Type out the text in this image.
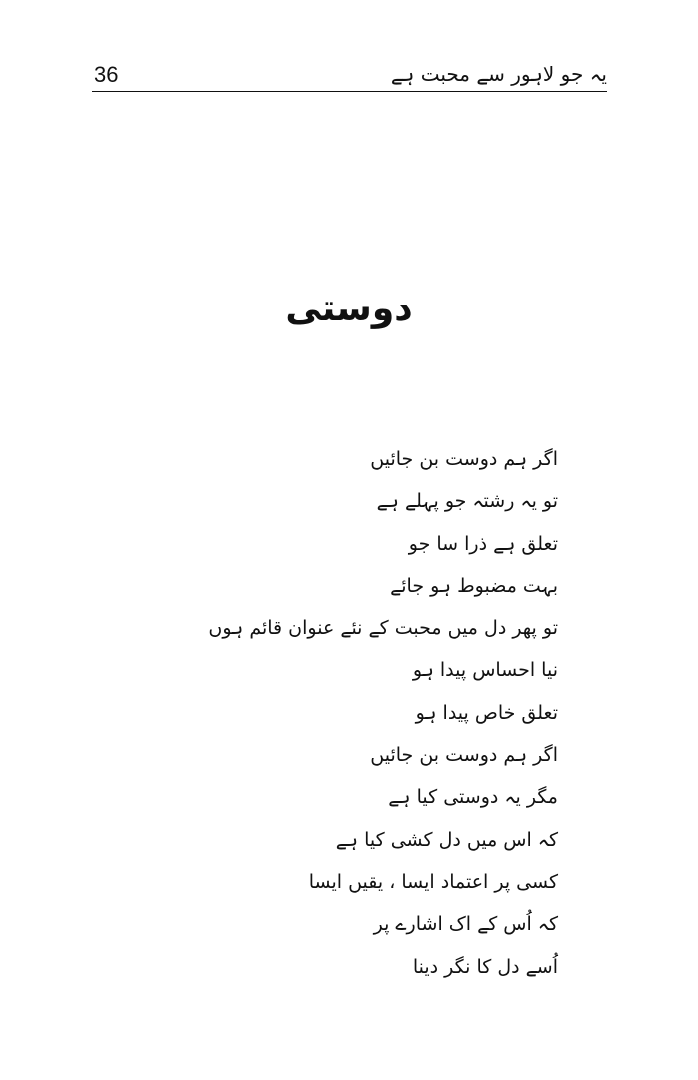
36	یہ جو لاہور سے محبت ہے
دوستی
اگر ہم دوست بن جائیں
تو یہ رشتہ جو پہلے ہے
تعلق ہے ذرا سا جو
بہت مضبوط ہو جائے
تو پھر دل میں محبت کے نئے عنوان قائم ہوں
نیا احساس پیدا ہو
تعلق خاص پیدا ہو
اگر ہم دوست بن جائیں
مگر یہ دوستی کیا ہے
کہ اس میں دل کشی کیا ہے
کسی پر اعتماد ایسا ، یقیں ایسا
کہ اُس کے اک اشارے پر
اُسے دل کا نگر دینا
